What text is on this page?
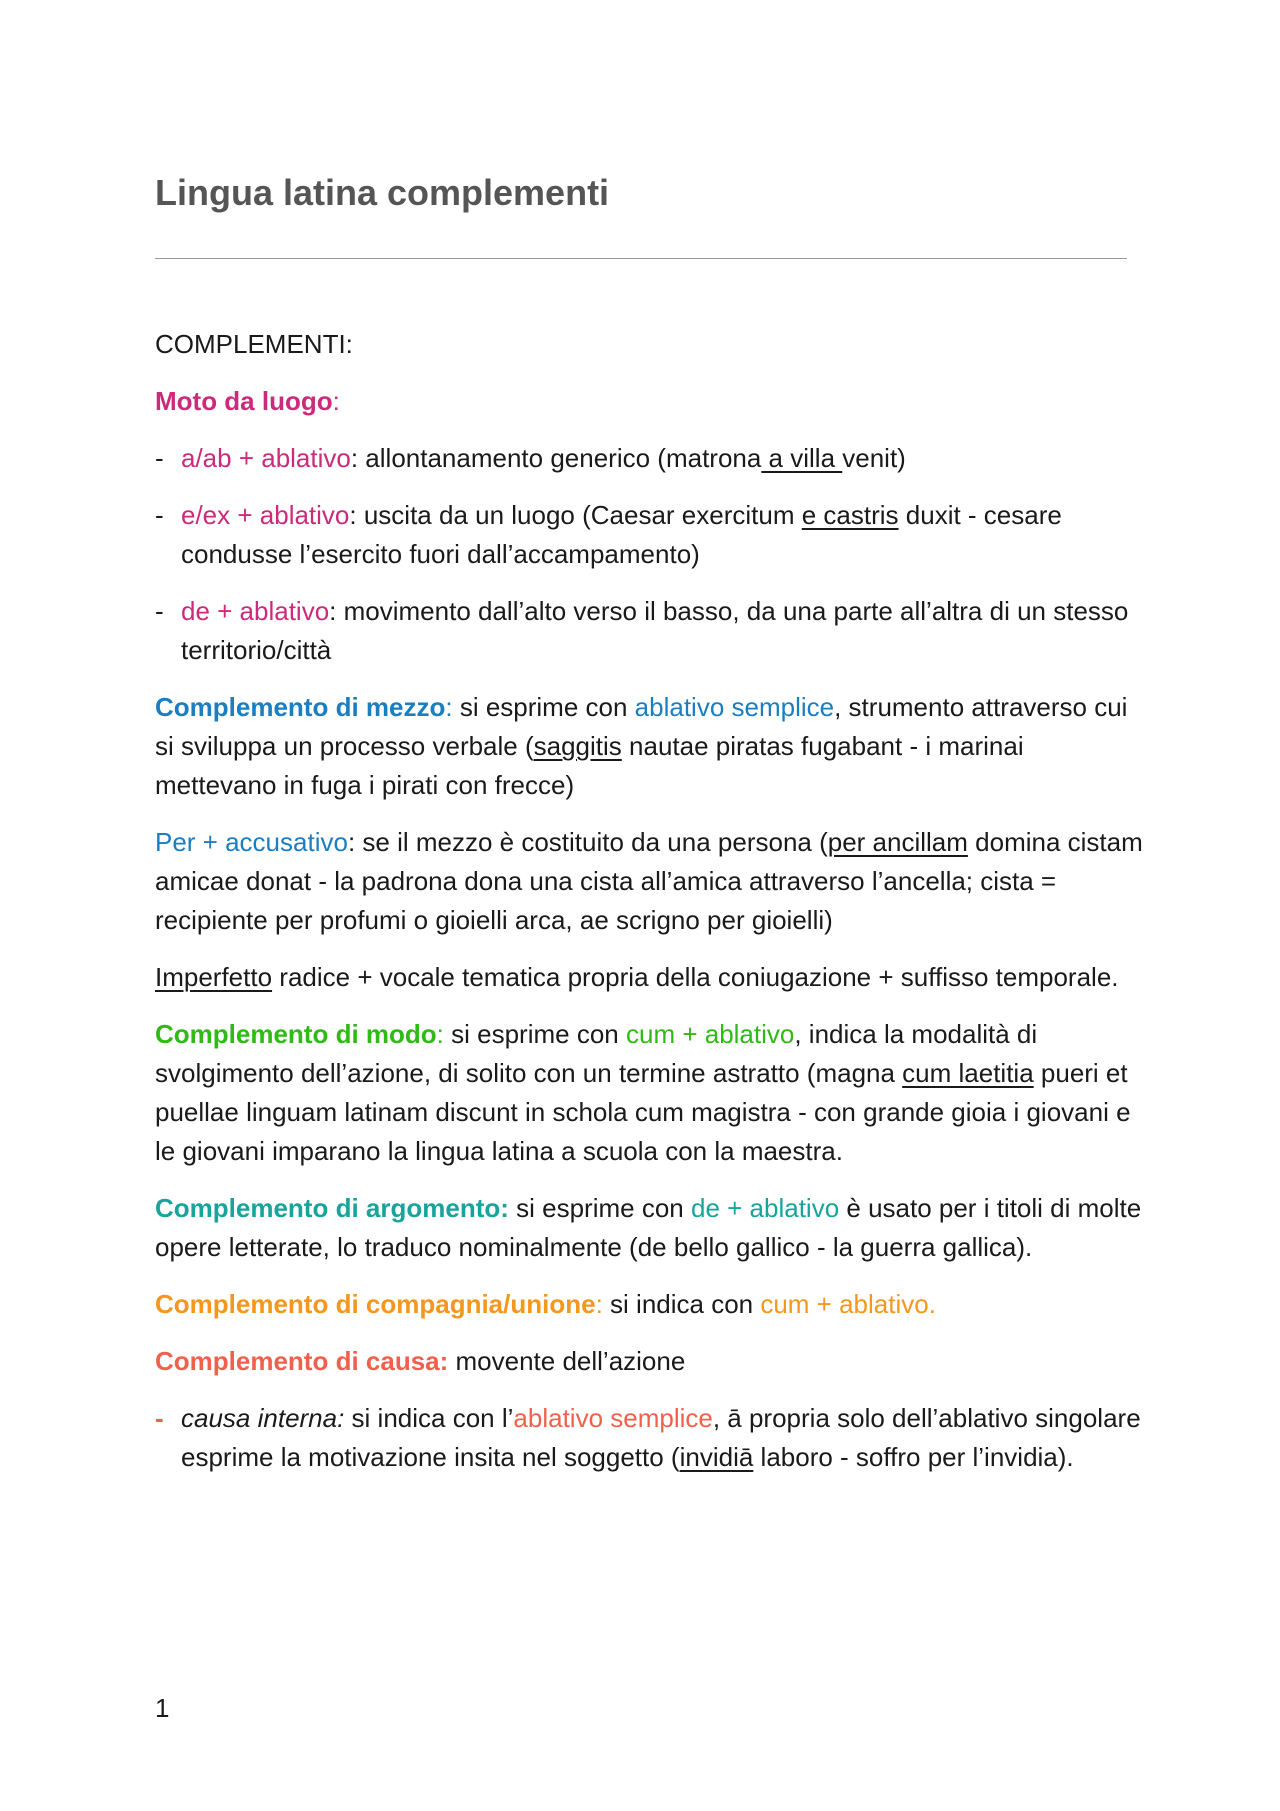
Lingua latina complementi

COMPLEMENTI:

Moto da luogo:

- a/ab + ablativo: allontanamento generico (matrona a villa venit)
- e/ex + ablativo: uscita da un luogo (Caesar exercitum e castris duxit - cesare condusse l’esercito fuori dall’accampamento)
- de + ablativo: movimento dall’alto verso il basso, da una parte all’altra di un stesso territorio/città

Complemento di mezzo: si esprime con ablativo semplice, strumento attraverso cui si sviluppa un processo verbale (saggitis nautae piratas fugabant - i marinai mettevano in fuga i pirati con frecce)

Per + accusativo: se il mezzo è costituito da una persona (per ancillam domina cistam amicae donat - la padrona dona una cista all’amica attraverso l’ancella; cista = recipiente per profumi o gioielli arca, ae scrigno per gioielli)

Imperfetto radice + vocale tematica propria della coniugazione + suffisso temporale.

Complemento di modo: si esprime con cum + ablativo, indica la modalità di svolgimento dell’azione, di solito con un termine astratto (magna cum laetitia pueri et puellae linguam latinam discunt in schola cum magistra - con grande gioia i giovani e le giovani imparano la lingua latina a scuola con la maestra.

Complemento di argomento: si esprime con de + ablativo è usato per i titoli di molte opere letterate, lo traduco nominalmente (de bello gallico - la guerra gallica).

Complemento di compagnia/unione: si indica con cum + ablativo.

Complemento di causa: movente dell’azione

- causa interna: si indica con l’ablativo semplice, ā propria solo dell’ablativo singolare esprime la motivazione insita nel soggetto (invidiā laboro - soffro per l’invidia).
1
